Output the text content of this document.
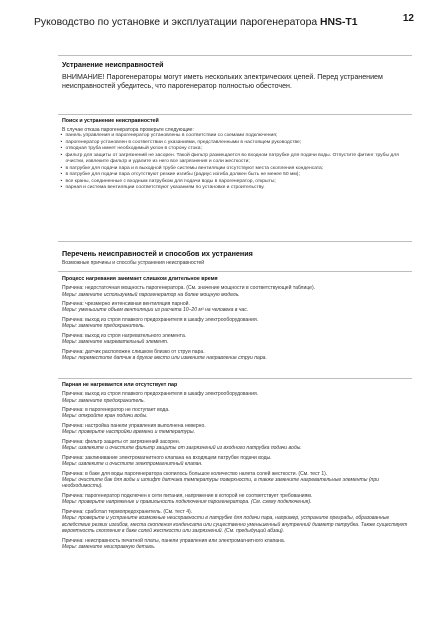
Руководство по установке и эксплуатации парогенератора HNS-T1	12
Устранение неисправностей
ВНИМАНИЕ! Парогенераторы могут иметь нескольких электрических цепей. Перед устранением неисправностей убедитесь, что парогенератор полностью обесточен.
Поиск и устранение неисправностей
В случае отказа парогенератора проверьте следующие:
• панель управления и парогенератор установлены в соответствии со схемами подключения;
• парогенератор установлен в соответствии с указаниями, представленными в настоящем руководстве;
• отводная труба имеет необходимый уклон в сторону стока;
• фильтр для защиты от загрязнений не засорен. Такой фильтр размещается во входном патрубке для подачи воды. Отпустите фитинг трубы для очистки, извлеките фильтр и удалите из него все загрязнения и соли жесткости;
• в патрубке для подачи пара и в выходной трубе системы вентиляции отсутствуют места скопления конденсата;
• в патрубке для подачи пара отсутствуют резкие изгибы (радиус изгиба должен быть не менее 50 мм);
• все краны, соединенные с входным патрубком для подачи воды в парогенератор, открыты;
• парная и система вентиляции соответствуют указаниям по установке и строительству.
Перечень неисправностей и способов их устранения
Возможные причины и способы устранения неисправностей
Процесс нагревания занимает слишком длительное время
Причина: недостаточная мощность парогенератора. (См. значение мощности в соответствующей таблице).
Меры: замените используемый парогенератор на более мощную модель.
Причина: чрезмерно интенсивная вентиляция парной.
Меры: уменьшите объем вентиляции из расчета 10–20 м³ на человека в час.
Причина: выход из строя плавкого предохранителя в шкафу электрооборудования.
Меры: замените предохранитель.
Причина: выход из строя нагревательного элемента.
Меры: замените нагревательный элемент.
Причина: датчик расположен слишком близко от струи пара.
Меры: переместите датчик в другое место или измените направление струи пара.
Парная не нагревается или отсутствует пар
Причина: выход из строя плавкого предохранителя в шкафу электрооборудования.
Меры: замените предохранитель.
Причина: в парогенератор не поступает вода.
Меры: откройте кран подачи воды.
Причина: настройка панели управления выполнена неверно.
Меры: проверьте настройки времени и температуры.
Причина: фильтр защиты от загрязнений засорен.
Меры: извлеките и очистите фильтр защиты от загрязнений из входного патрубка подачи воды.
Причина: заклинивание электромагнитного клапана на входящем патрубке подачи воды.
Меры: извлеките и очистите электромагнитный клапан.
Причина: в баке для воды парогенератора скопилось большое количество налета солей жесткости. (См. тест 1).
Меры: очистите бак для воды и штифт датчика температуры поверхности, а также замените нагревательные элементы (при необходимости).
Причина: парогенератор подключен к сети питания, напряжение в которой не соответствует требованиям.
Меры: проверьте напряжение и правильность подключения парогенератора. (См. схему подключения).
Причина: сработал термопредохранитель. (См. тест 4).
Меры: проверьте и устраните возможные неисправности в патрубке для подачи пара, например, устраните преграды, образованные вследствие резких изгибов, места скопления конденсата или существенно уменьшенный внутренний диаметр патрубка. Также существует вероятность скопления в баке солей жесткости или загрязнений. (См. предыдущий абзац).
Причина: неисправность печатной платы, панели управления или электромагнитного клапана.
Меры: замените неисправную деталь.
